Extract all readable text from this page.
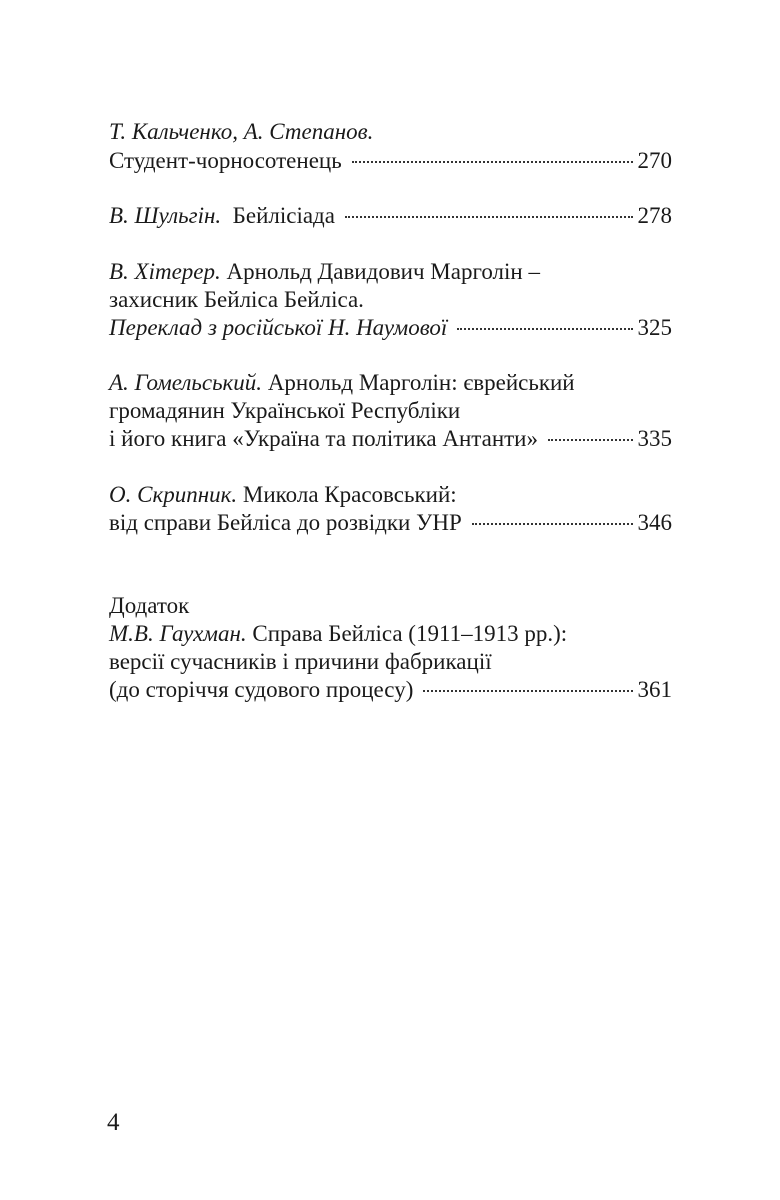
Т. Кальченко, А. Степанов.
Студент-чорносотенець	270
В. Шульгін. Бейлісіада	278
В. Хітерер. Арнольд Давидович Марголін –
захисник Бейліса Бейліса.
Переклад з російської Н. Наумової	325
А. Гомельський. Арнольд Марголін: єврейський
громадянин Української Республіки
і його книга «Україна та політика Антанти»	335
О. Скрипник. Микола Красовський:
від справи Бейліса до розвідки УНР	346
Додаток
М.В. Гаухман. Справа Бейліса (1911–1913 рр.):
версії сучасників і причини фабрикації
(до сторіччя судового процесу)	361
4
